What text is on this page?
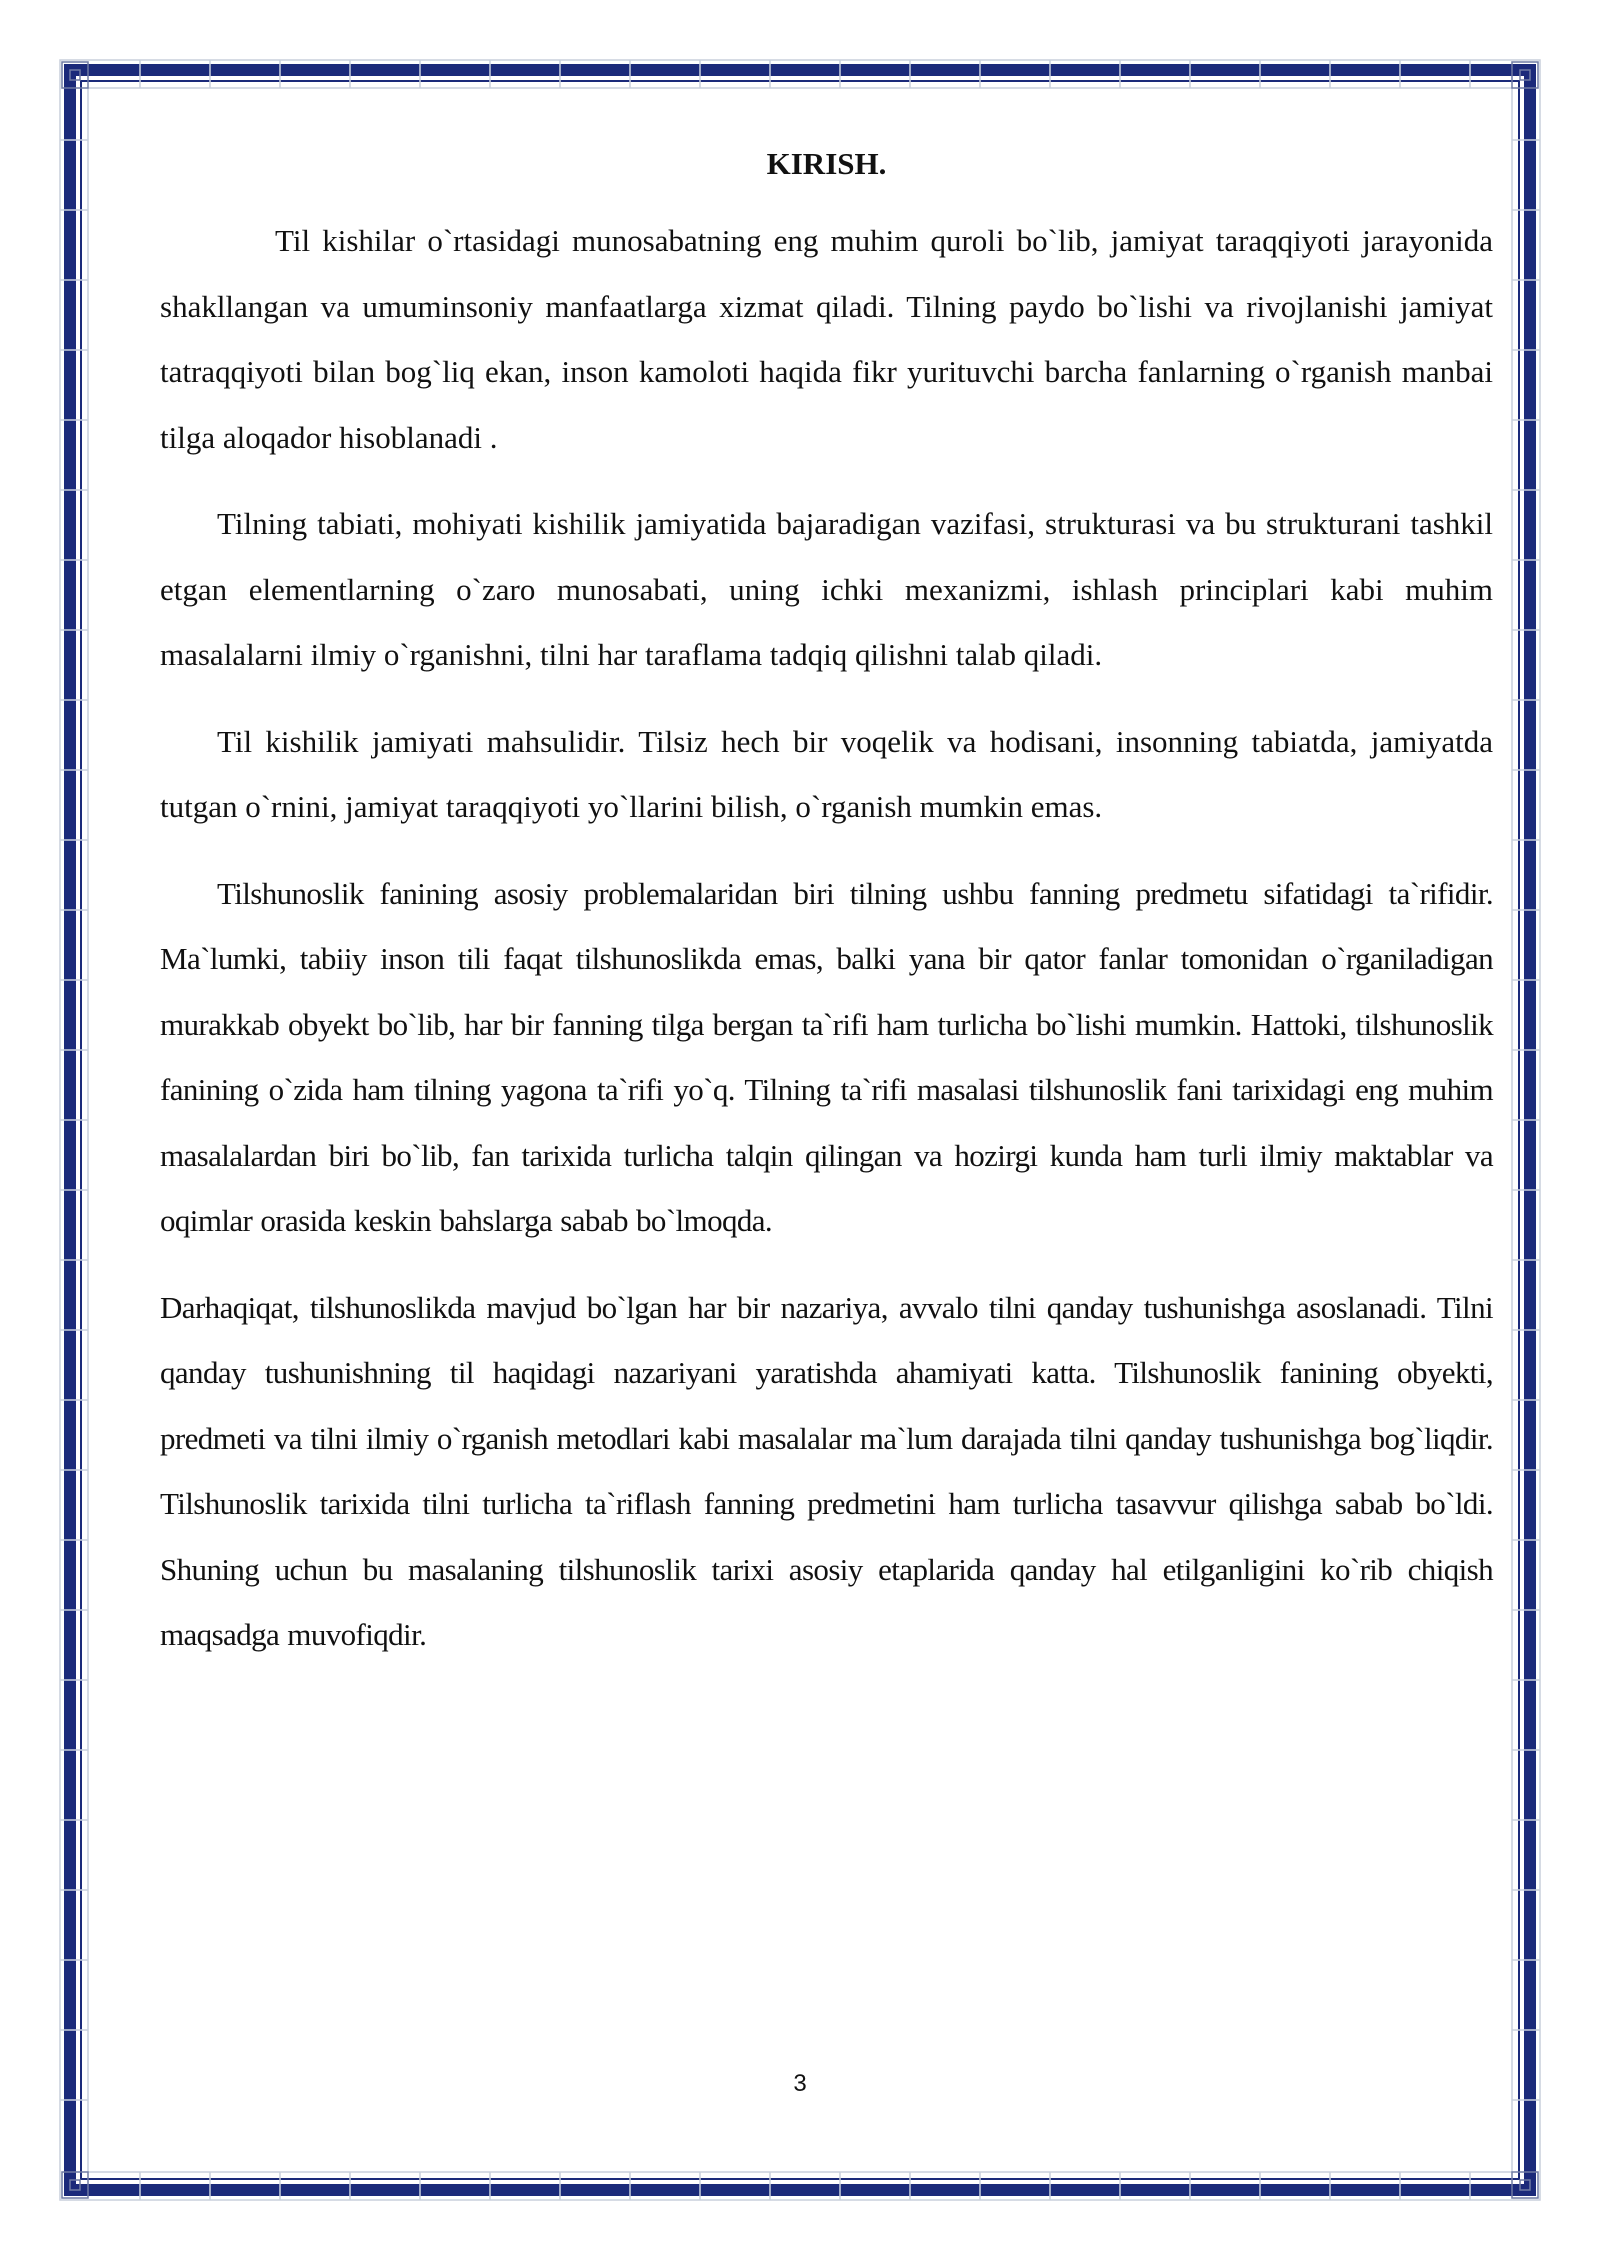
KIRISH.

Til kishilar o`rtasidagi munosabatning eng muhim quroli bo`lib, jamiyat taraqqiyoti jarayonida shakllangan va umuminsoniy manfaatlarga xizmat qiladi. Tilning paydo bo`lishi va rivojlanishi jamiyat tatraqqiyoti bilan bog`liq ekan, inson kamoloti haqida fikr yurituvchi barcha fanlarning o`rganish manbai tilga aloqador hisoblanadi .

Tilning tabiati, mohiyati kishilik jamiyatida bajaradigan vazifasi, strukturasi va bu strukturani tashkil etgan elementlarning o`zaro munosabati, uning ichki mexanizmi, ishlash principlari kabi muhim masalalarni ilmiy o`rganishni, tilni har taraflama tadqiq qilishni talab qiladi.

Til kishilik jamiyati mahsulidir. Tilsiz hech bir voqelik va hodisani, insonning tabiatda, jamiyatda tutgan o`rnini, jamiyat taraqqiyoti yo`llarini bilish, o`rganish mumkin emas.

Tilshunoslik fanining asosiy problemalaridan biri tilning ushbu fanning predmetu sifatidagi ta`rifidir. Ma`lumki, tabiiy inson tili faqat tilshunoslikda emas, balki yana bir qator fanlar tomonidan o`rganiladigan murakkab obyekt bo`lib, har bir fanning tilga bergan ta`rifi ham turlicha bo`lishi mumkin. Hattoki, tilshunoslik fanining o`zida ham tilning yagona ta`rifi yo`q. Tilning ta`rifi masalasi tilshunoslik fani tarixidagi eng muhim masalalardan biri bo`lib, fan tarixida turlicha talqin qilingan va hozirgi kunda ham turli ilmiy maktablar va oqimlar orasida keskin bahslarga sabab bo`lmoqda.

Darhaqiqat, tilshunoslikda mavjud bo`lgan har bir nazariya, avvalo tilni qanday tushunishga asoslanadi. Tilni qanday tushunishning til haqidagi nazariyani yaratishda ahamiyati katta. Tilshunoslik fanining obyekti, predmeti va tilni ilmiy o`rganish metodlari kabi masalalar ma`lum darajada tilni qanday tushunishga bog`liqdir. Tilshunoslik tarixida tilni turlicha ta`riflash fanning predmetini ham turlicha tasavvur qilishga sabab bo`ldi. Shuning uchun bu masalaning tilshunoslik tarixi asosiy etaplarida qanday hal etilganligini ko`rib chiqish maqsadga muvofiqdir.

3
